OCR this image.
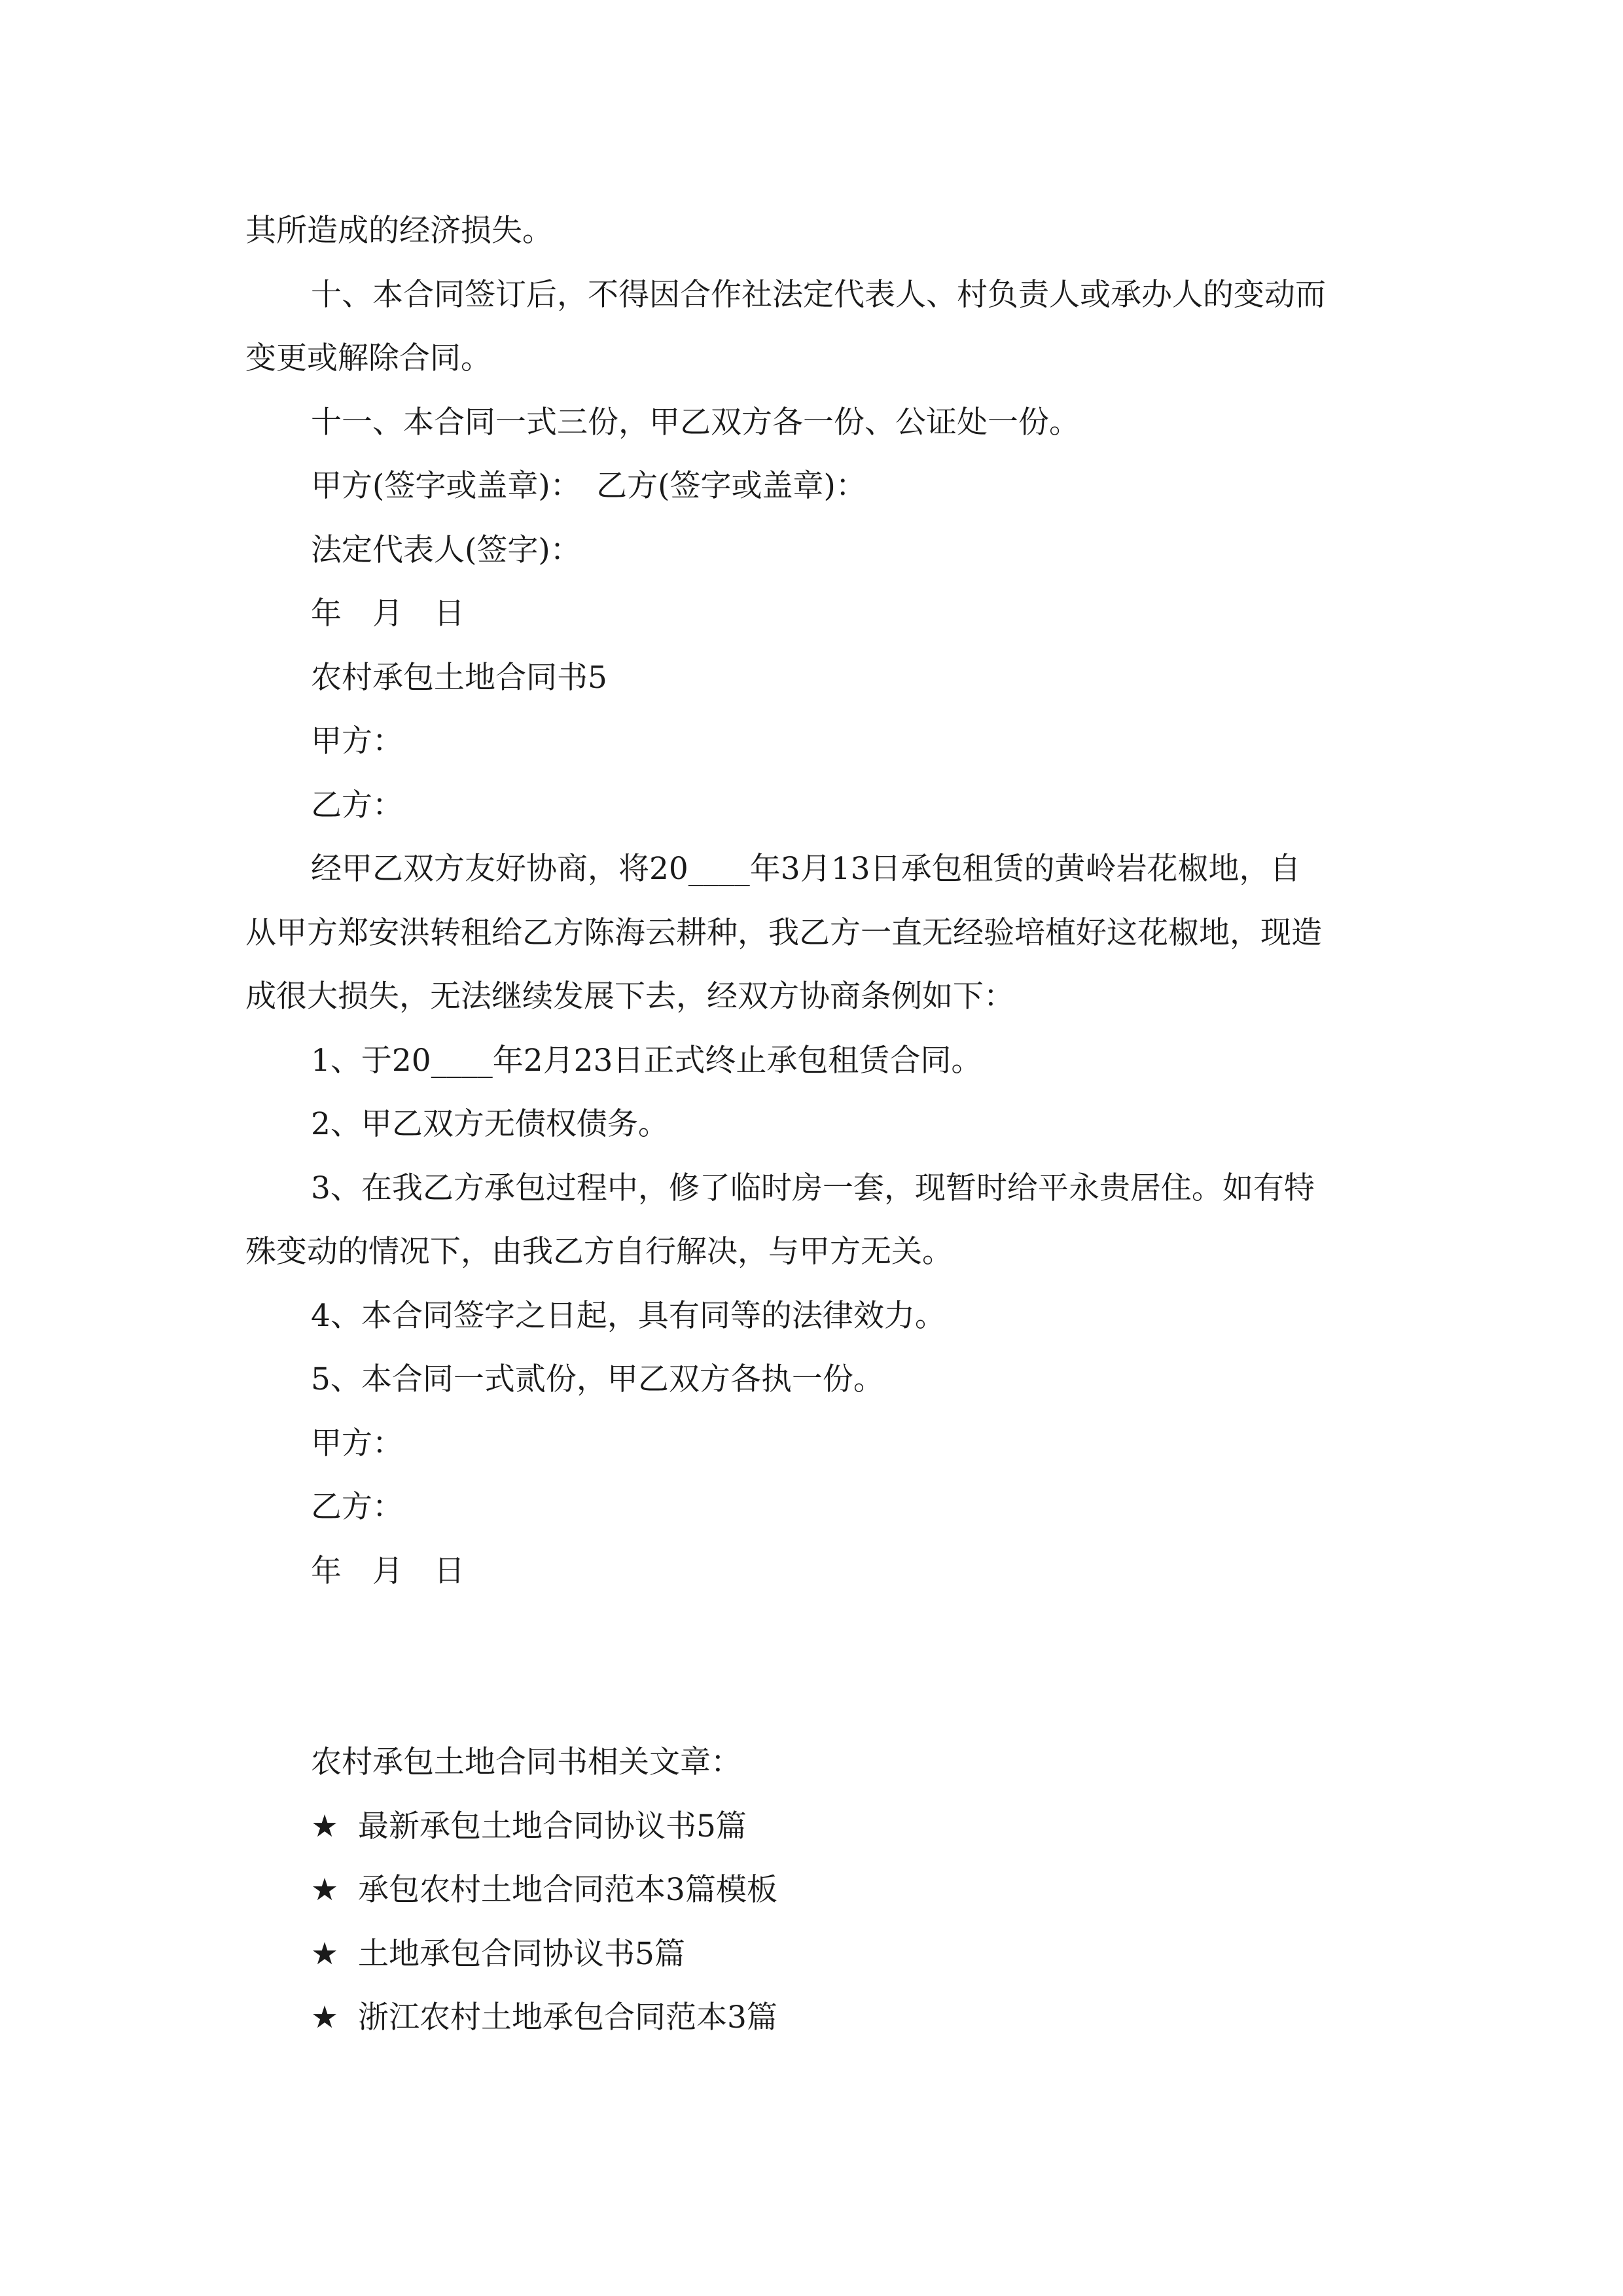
其所造成的经济损失。
十、本合同签订后，不得因合作社法定代表人、村负责人或承办人的变动而
变更或解除合同。
十一、本合同一式三份，甲乙双方各一份、公证处一份。
甲方(签字或盖章)：　乙方(签字或盖章)：
法定代表人(签字)：
年　月　日
农村承包土地合同书5
甲方：
乙方：
经甲乙双方友好协商，将20____年3月13日承包租赁的黄岭岩花椒地，自
从甲方郑安洪转租给乙方陈海云耕种，我乙方一直无经验培植好这花椒地，现造
成很大损失，无法继续发展下去，经双方协商条例如下：
1、于20____年2月23日正式终止承包租赁合同。
2、甲乙双方无债权债务。
3、在我乙方承包过程中，修了临时房一套，现暂时给平永贵居住。如有特
殊变动的情况下，由我乙方自行解决，与甲方无关。
4、本合同签字之日起，具有同等的法律效力。
5、本合同一式贰份，甲乙双方各执一份。
甲方：
乙方：
年　月　日
农村承包土地合同书相关文章：
★ 最新承包土地合同协议书5篇
★ 承包农村土地合同范本3篇模板
★ 土地承包合同协议书5篇
★ 浙江农村土地承包合同范本3篇
